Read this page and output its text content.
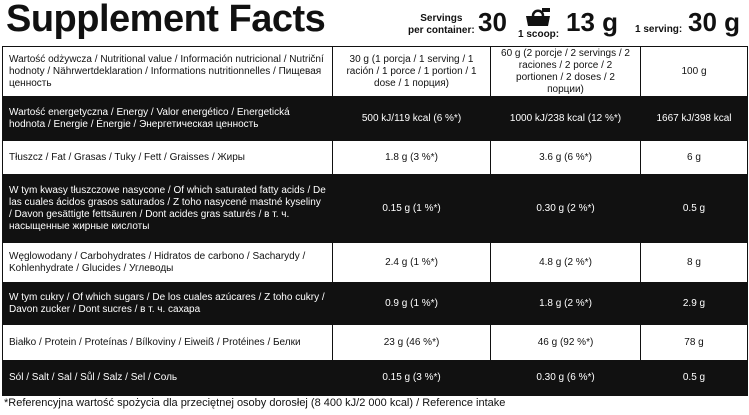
Supplement Facts	Servings
per container: 30 1 scoop: 13 g 1 serving: 30 g
Wartość odżywcza / Nutritional value / Información nutricional / Nutriční hodnoty / Nährwertdeklaration / Informations nutritionnelles / Пищевая ценность	30 g (1 porcja / 1 serving / 1 ración / 1 porce / 1 portion / 1 dose / 1 порция)	60 g (2 porcje / 2 servings / 2 raciones / 2 porce / 2 portionen / 2 doses / 2 порции)	100 g
Wartość energetyczna / Energy / Valor energético / Energetická hodnota / Energie / Énergie / Энергетическая ценность	500 kJ/119 kcal (6 %*)	1000 kJ/238 kcal (12 %*)	1667 kJ/398 kcal
Tłuszcz / Fat / Grasas / Tuky / Fett / Graisses / Жиры	1.8 g (3 %*)	3.6 g (6 %*)	6 g
W tym kwasy tłuszczowe nasycone / Of which saturated fatty acids / De las cuales ácidos grasos saturados / Z toho nasycené mastné kyseliny / Davon gesättigte fettsäuren / Dont acides gras saturés / в т. ч. насыщенные жирные кислоты	0.15 g (1 %*)	0.30 g (2 %*)	0.5 g
Węglowodany / Carbohydrates / Hidratos de carbono / Sacharydy / Kohlenhydrate / Glucides / Углеводы	2.4 g (1 %*)	4.8 g (2 %*)	8 g
W tym cukry / Of which sugars / De los cuales azúcares / Z toho cukry / Davon zucker / Dont sucres / в т. ч. сахара	0.9 g (1 %*)	1.8 g (2 %*)	2.9 g
Białko / Protein / Proteínas / Bílkoviny / Eiweiß / Protéines / Белки	23 g (46 %*)	46 g (92 %*)	78 g
Sól / Salt / Sal / Sůl / Salz / Sel / Соль	0.15 g (3 %*)	0.30 g (6 %*)	0.5 g
*Referencyjna wartość spożycia dla przeciętnej osoby dorosłej (8 400 kJ/2 000 kcal) / Reference intake
